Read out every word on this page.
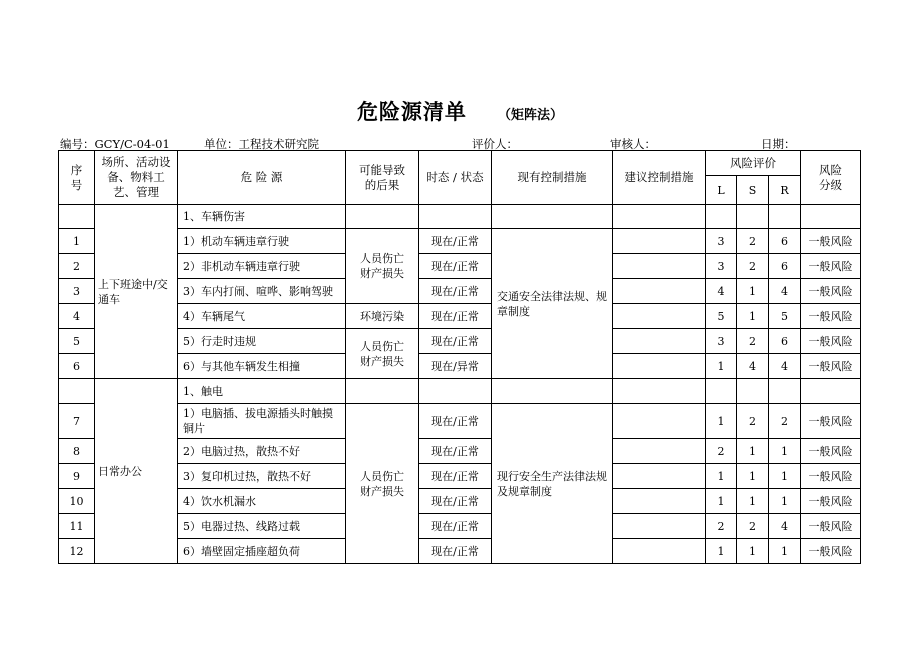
危险源清单 （矩阵法）
编号：GCY/C-04-01	单位：工程技术研究院	评价人：	审核人：	日期：
序号	场所、活动设备、物料工艺、管理	危 险 源	可能导致的后果	时态 / 状态	现有控制措施	建议控制措施	风险评价			风险分级
							L	S	R	
	上下班途中/交通车	1、车辆伤害								
1		1）机动车辆违章行驶	人员伤亡财产损失	现在/正常	交通安全法律法规、规章制度		3	2	6	一般风险
2		2）非机动车辆违章行驶		现在/正常			3	2	6	一般风险
3		3）车内打闹、喧哗、影响驾驶		现在/正常			4	1	4	一般风险
4		4）车辆尾气	环境污染	现在/正常			5	1	5	一般风险
5		5）行走时违规	人员伤亡财产损失	现在/正常			3	2	6	一般风险
6		6）与其他车辆发生相撞		现在/异常			1	4	4	一般风险
	日常办公	1、触电								
7		1）电脑插、拔电源插头时触摸铜片	人员伤亡财产损失	现在/正常	现行安全生产法律法规及规章制度		1	2	2	一般风险
8		2）电脑过热，散热不好		现在/正常			2	1	1	一般风险
9		3）复印机过热，散热不好		现在/正常			1	1	1	一般风险
10		4）饮水机漏水		现在/正常			1	1	1	一般风险
11		5）电器过热、线路过载		现在/正常			2	2	4	一般风险
12		6）墙壁固定插座超负荷		现在/正常			1	1	1	一般风险
